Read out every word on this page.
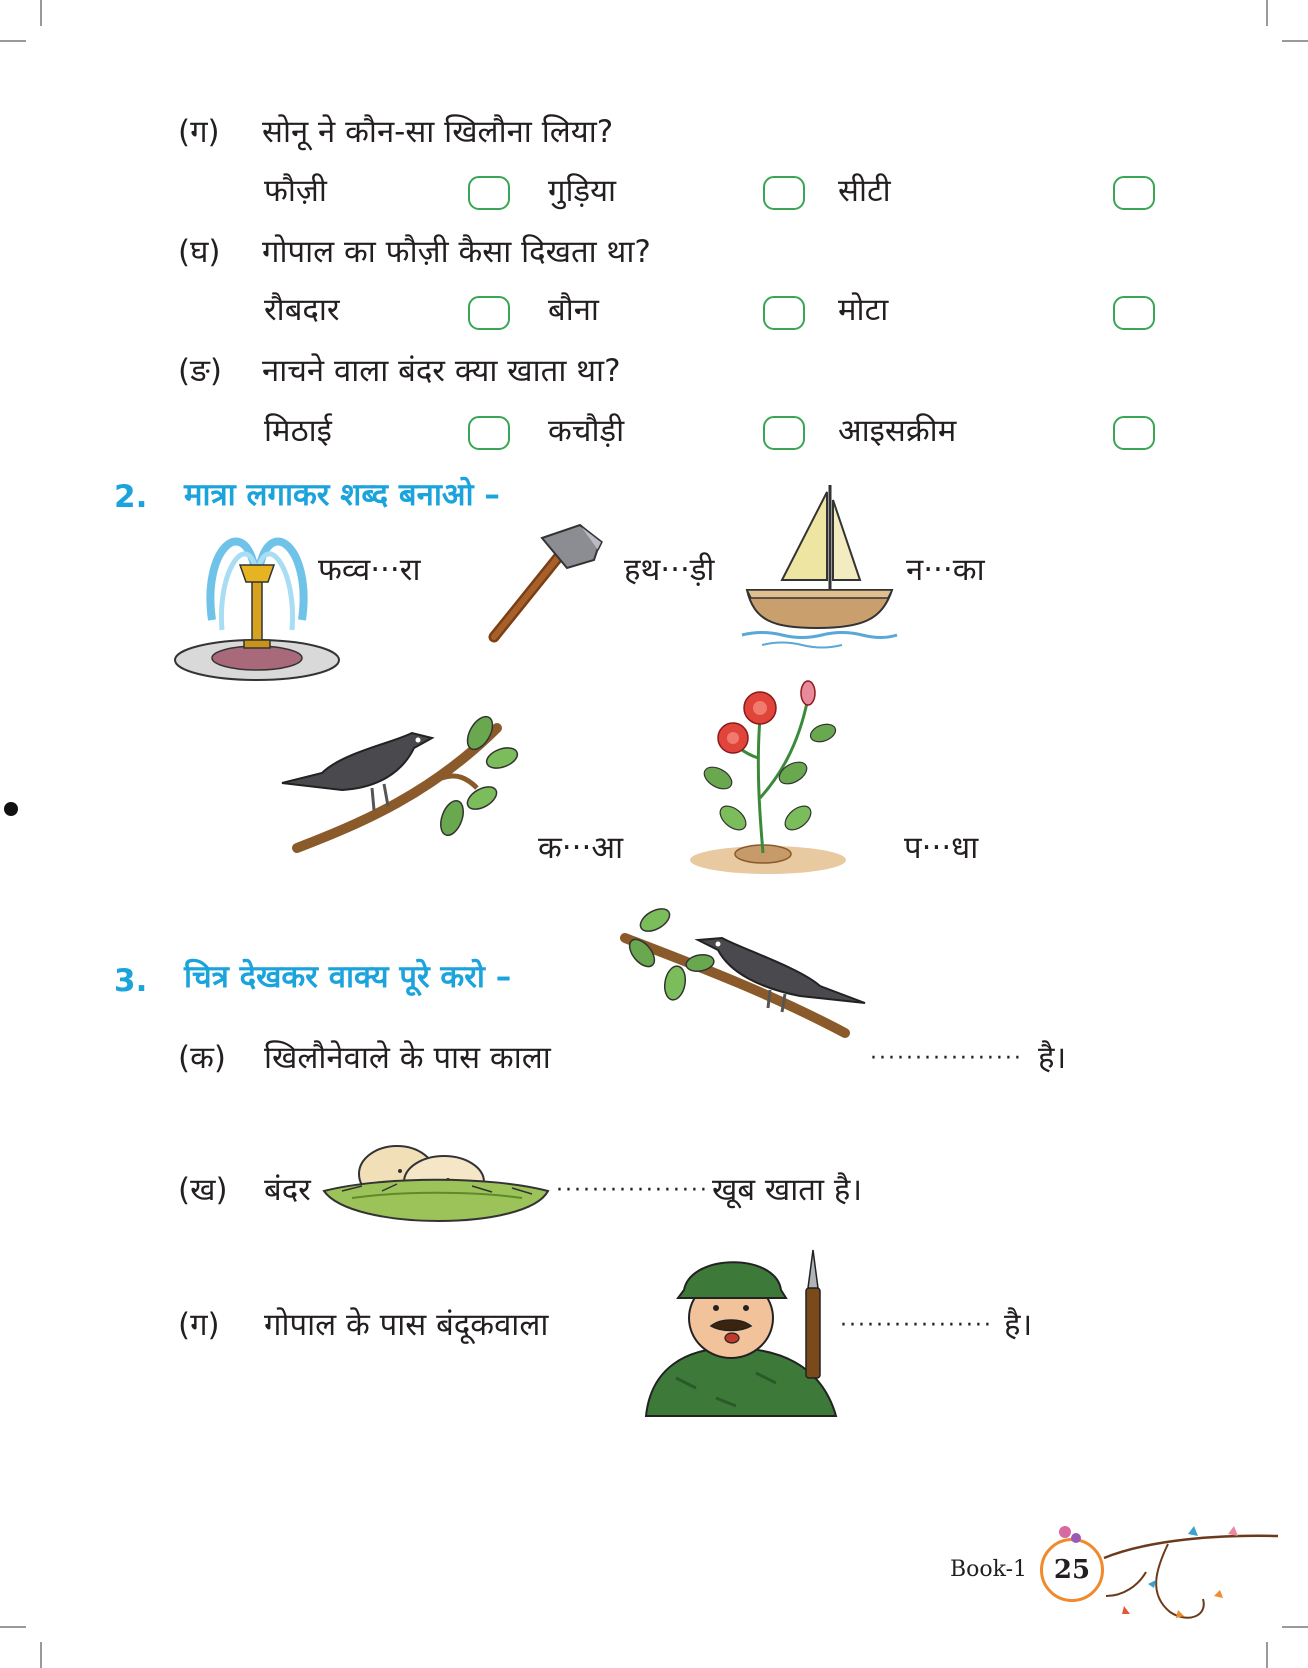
(ग) सोनू ने कौन-सा खिलौना लिया?
फौज़ी	गुड़िया	सीटी
(घ) गोपाल का फौज़ी कैसा दिखता था?
रौबदार	बौना	मोटा
(ङ) नाचने वाला बंदर क्या खाता था?
मिठाई	कचौड़ी	आइसक्रीम
2. मात्रा लगाकर शब्द बनाओ –
फव्व···रा	हथ···ड़ी	न···का
क···आ	प···धा
3. चित्र देखकर वाक्य पूरे करो –
(क) खिलौनेवाले के पास काला	················· है।
(ख) बंदर	················· खूब खाता है।
(ग) गोपाल के पास बंदूकवाला	················· है।
Book-1	25
